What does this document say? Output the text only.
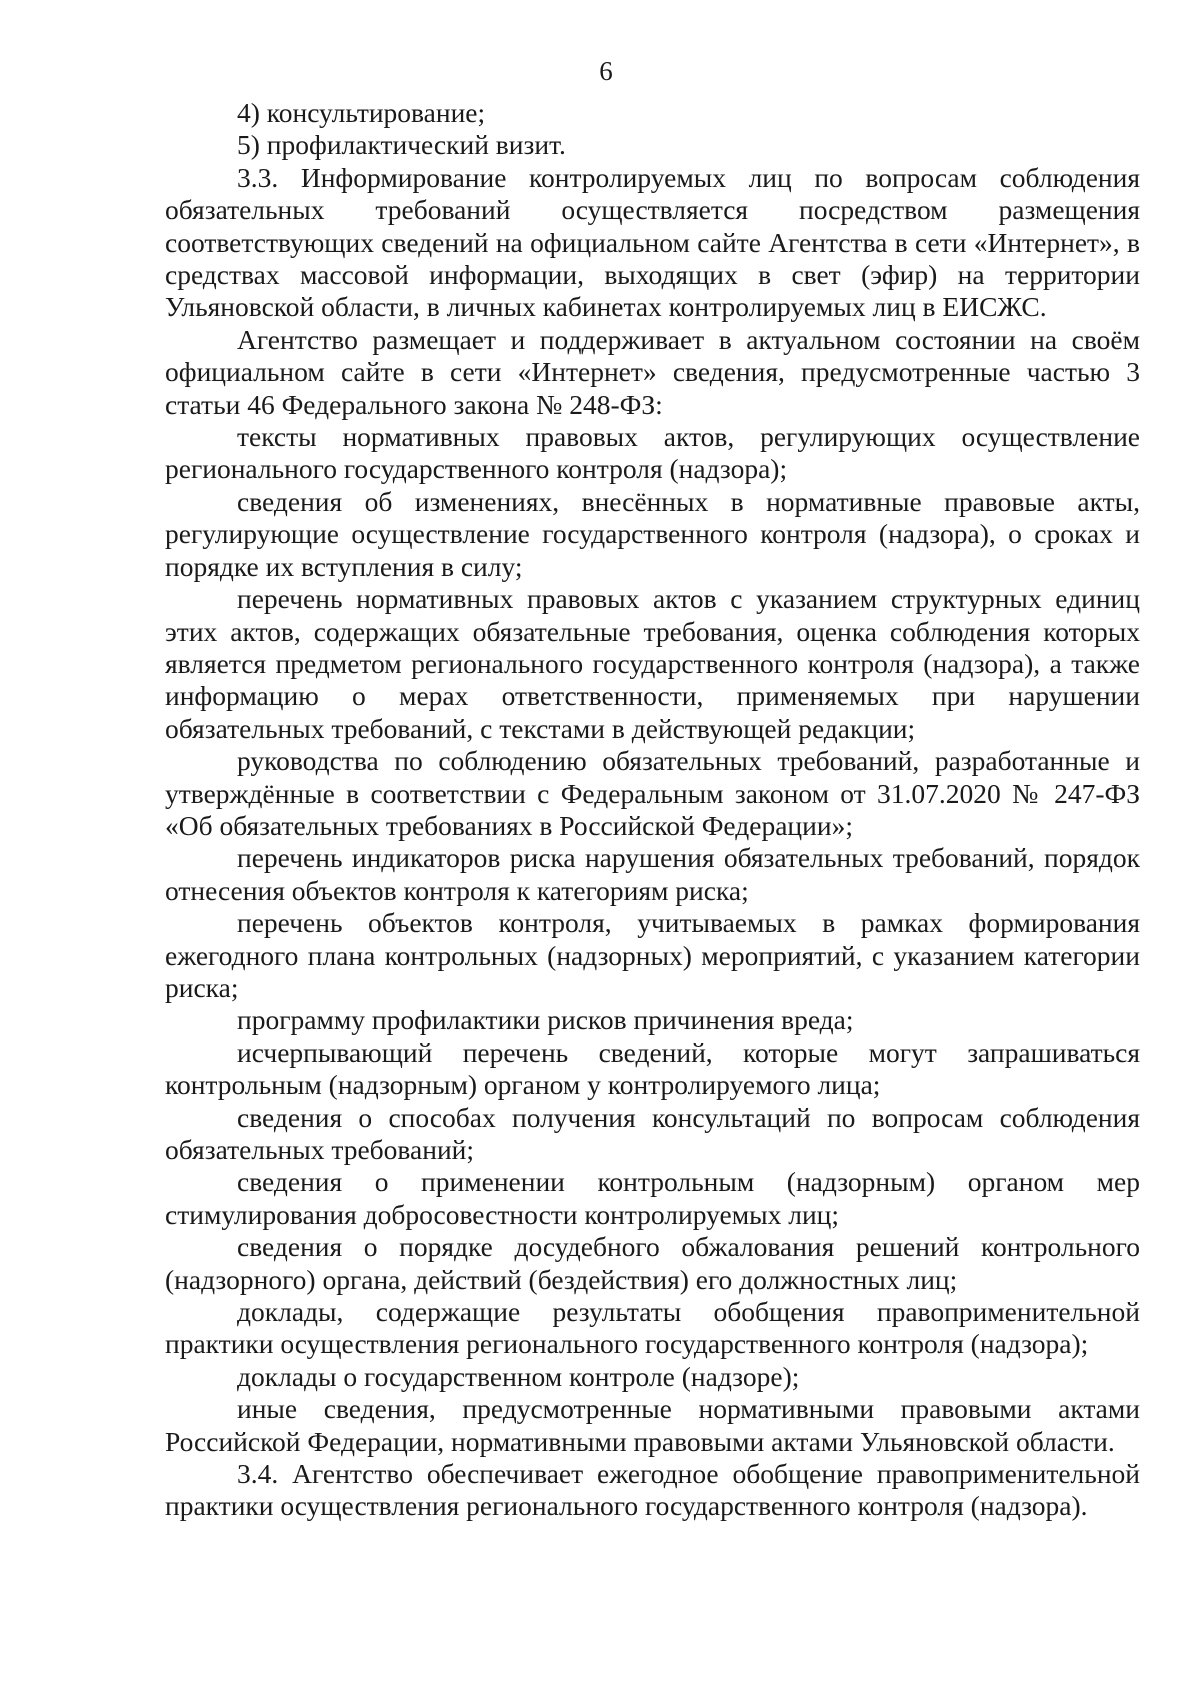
6

4) консультирование;

5) профилактический визит.

3.3. Информирование контролируемых лиц по вопросам соблюдения обязательных требований осуществляется посредством размещения соответствующих сведений на официальном сайте Агентства в сети «Интернет», в средствах массовой информации, выходящих в свет (эфир) на территории Ульяновской области, в личных кабинетах контролируемых лиц в ЕИСЖС.

Агентство размещает и поддерживает в актуальном состоянии на своём официальном сайте в сети «Интернет» сведения, предусмотренные частью 3 статьи 46 Федерального закона № 248-ФЗ:

тексты нормативных правовых актов, регулирующих осуществление регионального государственного контроля (надзора);

сведения об изменениях, внесённых в нормативные правовые акты, регулирующие осуществление государственного контроля (надзора), о сроках и порядке их вступления в силу;

перечень нормативных правовых актов с указанием структурных единиц этих актов, содержащих обязательные требования, оценка соблюдения которых является предметом регионального государственного контроля (надзора), а также информацию о мерах ответственности, применяемых при нарушении обязательных требований, с текстами в действующей редакции;

руководства по соблюдению обязательных требований, разработанные и утверждённые в соответствии с Федеральным законом от 31.07.2020 № 247-ФЗ «Об обязательных требованиях в Российской Федерации»;

перечень индикаторов риска нарушения обязательных требований, порядок отнесения объектов контроля к категориям риска;

перечень объектов контроля, учитываемых в рамках формирования ежегодного плана контрольных (надзорных) мероприятий, с указанием категории риска;

программу профилактики рисков причинения вреда;

исчерпывающий перечень сведений, которые могут запрашиваться контрольным (надзорным) органом у контролируемого лица;

сведения о способах получения консультаций по вопросам соблюдения обязательных требований;

сведения о применении контрольным (надзорным) органом мер стимулирования добросовестности контролируемых лиц;

сведения о порядке досудебного обжалования решений контрольного (надзорного) органа, действий (бездействия) его должностных лиц;

доклады, содержащие результаты обобщения правоприменительной практики осуществления регионального государственного контроля (надзора);

доклады о государственном контроле (надзоре);

иные сведения, предусмотренные нормативными правовыми актами Российской Федерации, нормативными правовыми актами Ульяновской области.

3.4. Агентство обеспечивает ежегодное обобщение правоприменительной практики осуществления регионального государственного контроля (надзора).
